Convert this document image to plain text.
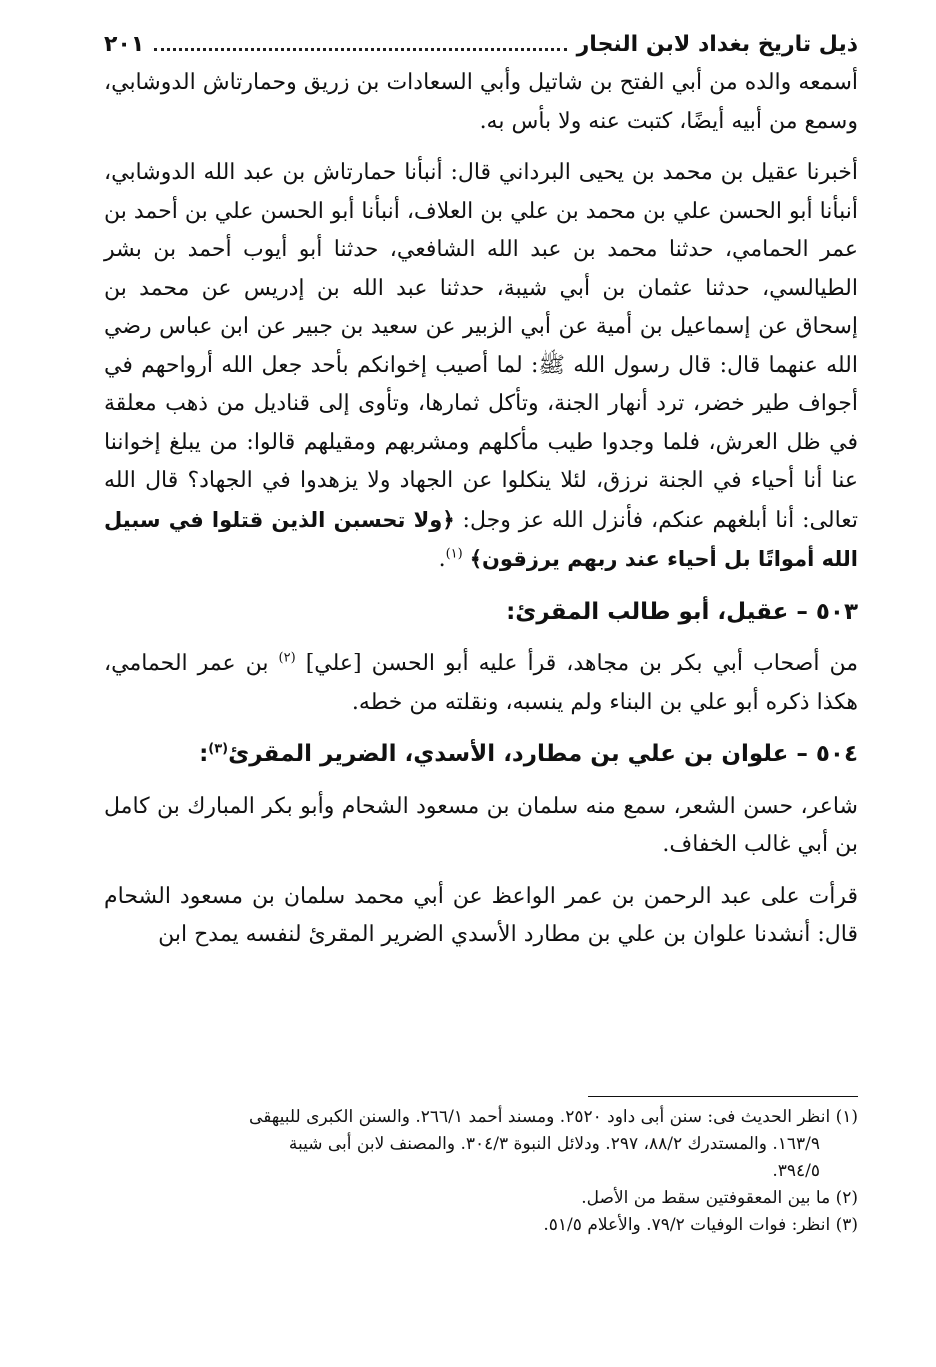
ذيل تاريخ بغداد لابن النجار
٢٠١

أسمعه والده من أبي الفتح بن شاتيل وأبي السعادات بن زريق وحمارتاش الدوشابي، وسمع من أبيه أيضًا، كتبت عنه ولا بأس به.

أخبرنا عقيل بن محمد بن يحيى البرداني قال: أنبأنا حمارتاش بن عبد الله الدوشابي، أنبأنا أبو الحسن علي بن محمد بن علي بن العلاف، أنبأنا أبو الحسن علي بن أحمد بن عمر الحمامي، حدثنا محمد بن عبد الله الشافعي، حدثنا أبو أيوب أحمد بن بشر الطيالسي، حدثنا عثمان بن أبي شيبة، حدثنا عبد الله بن إدريس عن محمد بن إسحاق عن إسماعيل بن أمية عن أبي الزبير عن سعيد بن جبير عن ابن عباس رضي الله عنهما قال: قال رسول الله ﷺ: لما أصيب إخوانكم بأحد جعل الله أرواحهم في أجواف طير خضر، ترد أنهار الجنة، وتأكل ثمارها، وتأوى إلى قناديل من ذهب معلقة في ظل العرش، فلما وجدوا طيب مأكلهم ومشربهم ومقيلهم قالوا: من يبلغ إخواننا عنا أنا أحياء في الجنة نرزق، لئلا ينكلوا عن الجهاد ولا يزهدوا في الجهاد؟ قال الله تعالى: أنا أبلغهم عنكم، فأنزل الله عز وجل: ﴿ولا تحسبن الذين قتلوا في سبيل الله أمواتًا بل أحياء عند ربهم يرزقون﴾ $^{(١)}$.

٥٠٣ – عقيل، أبو طالب المقرئ:

من أصحاب أبي بكر بن مجاهد، قرأ عليه أبو الحسن [علي] $^{(٢)}$ بن عمر الحمامي، هكذا ذكره أبو علي بن البناء ولم ينسبه، ونقلته من خطه.

٥٠٤ – علوان بن علي بن مطارد، الأسدي، الضرير المقرئ$^{(٣)}$:

شاعر، حسن الشعر، سمع منه سلمان بن مسعود الشحام وأبو بكر المبارك بن كامل بن أبي غالب الخفاف.

قرأت على عبد الرحمن بن عمر الواعظ عن أبي محمد سلمان بن مسعود الشحام قال: أنشدنا علوان بن علي بن مطارد الأسدي الضرير المقرئ لنفسه يمدح ابن

(١) انظر الحديث فى: سنن أبى داود ٢٥٢٠. ومسند أحمد ٢٦٦/١. والسنن الكبرى للبيهقى

١٦٣/٩. والمستدرك ٨٨/٢، ٢٩٧. ودلائل النبوة ٣٠٤/٣. والمصنف لابن أبى شيبة

٣٩٤/٥.

(٢) ما بين المعقوفتين سقط من الأصل.

(٣) انظر: فوات الوفيات ٧٩/٢. والأعلام ٥١/٥.
